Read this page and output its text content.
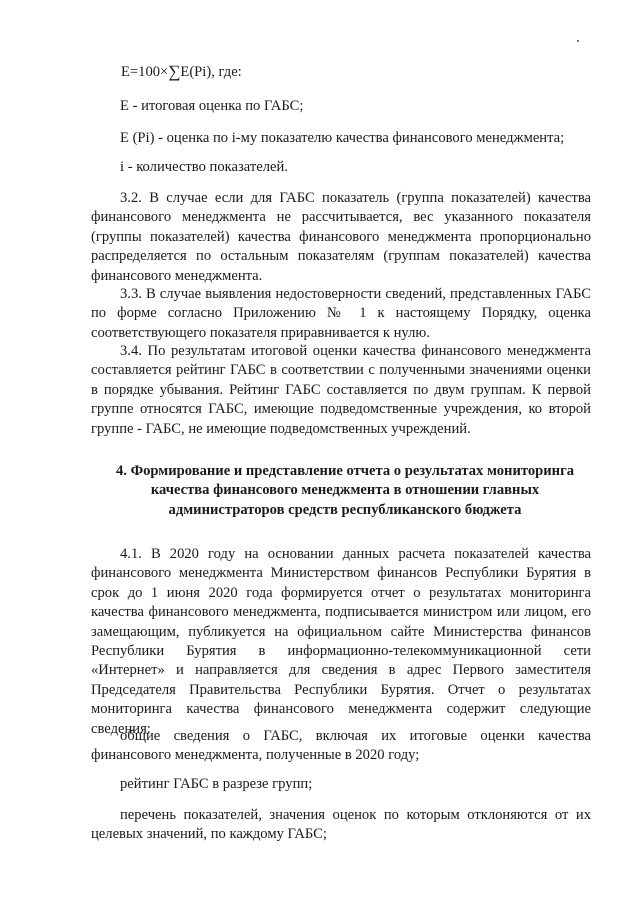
E=100×∑E(Pi), где:
E - итоговая оценка по ГАБС;
E (Pi) - оценка по i-му показателю качества финансового менеджмента;
i - количество показателей.

3.2. В случае если для ГАБС показатель (группа показателей) качества финансового менеджмента не рассчитывается, вес указанного показателя (группы показателей) качества финансового менеджмента пропорционально распределяется по остальным показателям (группам показателей) качества финансового менеджмента.

3.3. В случае выявления недостоверности сведений, представленных ГАБС по форме согласно Приложению № 1 к настоящему Порядку, оценка соответствующего показателя приравнивается к нулю.

3.4. По результатам итоговой оценки качества финансового менеджмента составляется рейтинг ГАБС в соответствии с полученными значениями оценки в порядке убывания. Рейтинг ГАБС составляется по двум группам. К первой группе относятся ГАБС, имеющие подведомственные учреждения, ко второй группе - ГАБС, не имеющие подведомственных учреждений.

4. Формирование и представление отчета о результатах мониторинга качества финансового менеджмента в отношении главных администраторов средств республиканского бюджета

4.1. В 2020 году на основании данных расчета показателей качества финансового менеджмента Министерством финансов Республики Бурятия в срок до 1 июня 2020 года формируется отчет о результатах мониторинга качества финансового менеджмента, подписывается министром или лицом, его замещающим, публикуется на официальном сайте Министерства финансов Республики Бурятия в информационно-телекоммуникационной сети «Интернет» и направляется для сведения в адрес Первого заместителя Председателя Правительства Республики Бурятия. Отчет о результатах мониторинга качества финансового менеджмента содержит следующие сведения:

общие сведения о ГАБС, включая их итоговые оценки качества финансового менеджмента, полученные в 2020 году;

рейтинг ГАБС в разрезе групп;

перечень показателей, значения оценок по которым отклоняются от их целевых значений, по каждому ГАБС;
